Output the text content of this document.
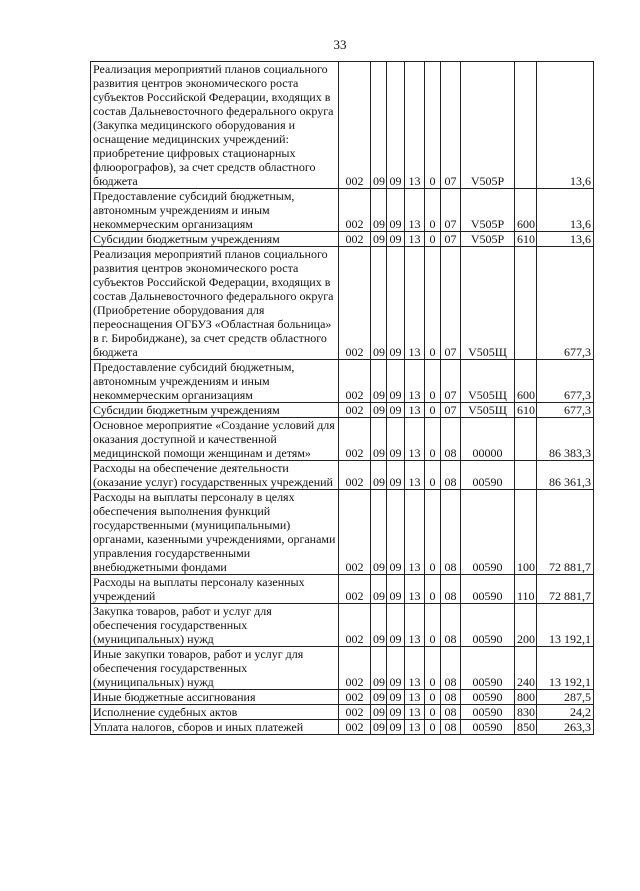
33
Реализация мероприятий планов социального развития центров экономического роста субъектов Российской Федерации, входящих в состав Дальневосточного федерального округа (Закупка медицинского оборудования и оснащение медицинских учреждений: приобретение цифровых стационарных флюорографов), за счет средств областного бюджета	002	09	09	13	0	07	V505P		13,6
Предоставление субсидий бюджетным, автономным учреждениям и иным некоммерческим организациям	002	09	09	13	0	07	V505P	600	13,6
Субсидии бюджетным учреждениям	002	09	09	13	0	07	V505P	610	13,6
Реализация мероприятий планов социального развития центров экономического роста субъектов Российской Федерации, входящих в состав Дальневосточного федерального округа (Приобретение оборудования для переоснащения ОГБУЗ «Областная больница» в г. Биробиджане), за счет средств областного бюджета	002	09	09	13	0	07	V505Щ		677,3
Предоставление субсидий бюджетным, автономным учреждениям и иным некоммерческим организациям	002	09	09	13	0	07	V505Щ	600	677,3
Субсидии бюджетным учреждениям	002	09	09	13	0	07	V505Щ	610	677,3
Основное мероприятие «Создание условий для оказания доступной и качественной медицинской помощи женщинам и детям»	002	09	09	13	0	08	00000		86 383,3
Расходы на обеспечение деятельности (оказание услуг) государственных учреждений	002	09	09	13	0	08	00590		86 361,3
Расходы на выплаты персоналу в целях обеспечения выполнения функций государственными (муниципальными) органами, казенными учреждениями, органами управления государственными внебюджетными фондами	002	09	09	13	0	08	00590	100	72 881,7
Расходы на выплаты персоналу казенных учреждений	002	09	09	13	0	08	00590	110	72 881,7
Закупка товаров, работ и услуг для обеспечения государственных (муниципальных) нужд	002	09	09	13	0	08	00590	200	13 192,1
Иные закупки товаров, работ и услуг для обеспечения государственных (муниципальных) нужд	002	09	09	13	0	08	00590	240	13 192,1
Иные бюджетные ассигнования	002	09	09	13	0	08	00590	800	287,5
Исполнение судебных актов	002	09	09	13	0	08	00590	830	24,2
Уплата налогов, сборов и иных платежей	002	09	09	13	0	08	00590	850	263,3
